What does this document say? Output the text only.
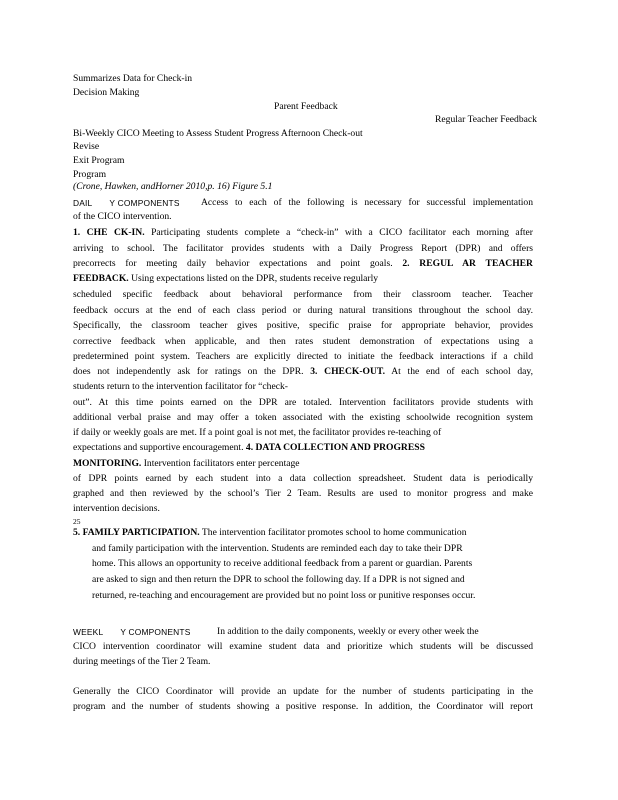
Summarizes Data for Check-in
Decision Making
Parent Feedback
Regular Teacher Feedback
Bi-Weekly CICO Meeting to Assess Student Progress Afternoon Check-out
Revise
Exit Program
Program
(Crone, Hawken, andHorner 2010,p. 16) Figure 5.1
DAIL Y COMPONENTS Access to each of the following is necessary for successful implementation
of the CICO intervention.
1. CHE CK-IN. Participating students complete a “check-in” with a CICO facilitator each morning after
arriving to school. The facilitator provides students with a Daily Progress Report (DPR) and offers
precorrects for meeting daily behavior expectations and point goals. 2. REGUL AR TEACHER
FEEDBACK. Using expectations listed on the DPR, students receive regularly
scheduled specific feedback about behavioral performance from their classroom teacher. Teacher
feedback occurs at the end of each class period or during natural transitions throughout the school day.
Specifically, the classroom teacher gives positive, specific praise for appropriate behavior, provides
corrective feedback when applicable, and then rates student demonstration of expectations using a
predetermined point system. Teachers are explicitly directed to initiate the feedback interactions if a child
does not independently ask for ratings on the DPR. 3. CHECK-OUT. At the end of each school day,
students return to the intervention facilitator for “check-
out”. At this time points earned on the DPR are totaled. Intervention facilitators provide students with
additional verbal praise and may offer a token associated with the existing schoolwide recognition system
if daily or weekly goals are met. If a point goal is not met, the facilitator provides re-teaching of
expectations and supportive encouragement. 4. DATA COLLECTION AND PROGRESS
MONITORING. Intervention facilitators enter percentage
of DPR points earned by each student into a data collection spreadsheet. Student data is periodically
graphed and then reviewed by the school’s Tier 2 Team. Results are used to monitor progress and make
intervention decisions.
25
5. FAMILY PARTICIPATION. The intervention facilitator promotes school to home communication
and family participation with the intervention. Students are reminded each day to take their DPR
home. This allows an opportunity to receive additional feedback from a parent or guardian. Parents
are asked to sign and then return the DPR to school the following day. If a DPR is not signed and
returned, re-teaching and encouragement are provided but no point loss or punitive responses occur.
WEEKL Y COMPONENTS	In addition to the daily components, weekly or every other week the
CICO intervention coordinator will examine student data and prioritize which students will be discussed
during meetings of the Tier 2 Team.
Generally the CICO Coordinator will provide an update for the number of students participating in the
program and the number of students showing a positive response. In addition, the Coordinator will report
